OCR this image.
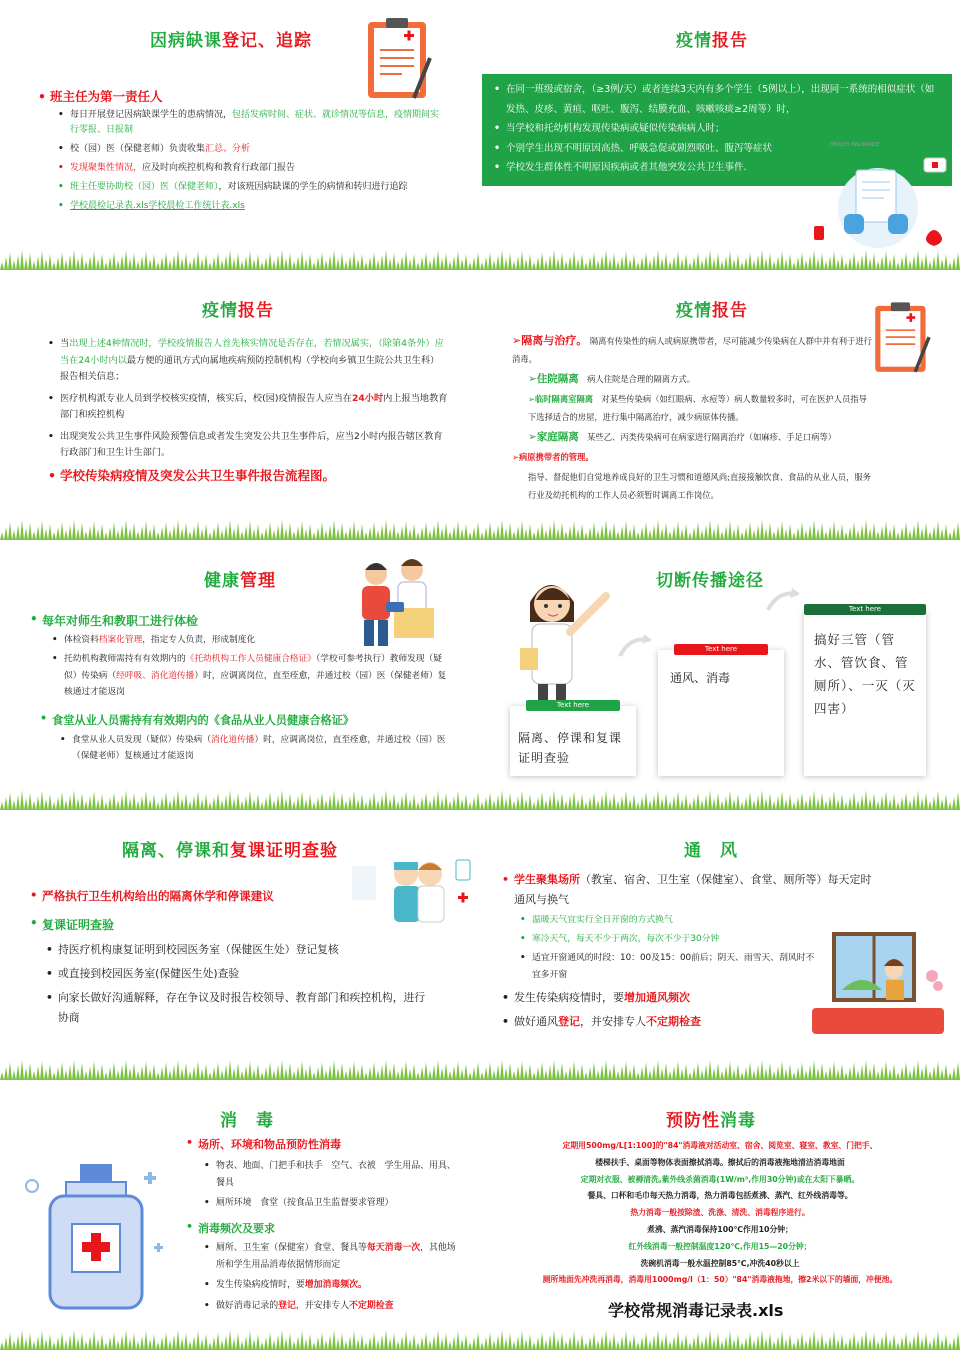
因病缺课登记、追踪
• 班主任为第一责任人
• 每日开展登记因病缺课学生的患病情况，包括发病时间、症状、就诊情况等信息，疫情期间实行零报、日报制
• 校（园）医（保健老师）负责收集汇总、分析
• 发现聚集性情况，应及时向疾控机构和教育行政部门报告
• 班主任要协助校（园）医（保健老师），对该班因病缺课的学生的病情和转归进行追踪
• 学校晨检记录表.xls学校晨检工作统计表.xls
疫情报告
• 在同一班级或宿舍，（≥3例/天）或者连续3天内有多个学生（5例以上），出现同一系统的相似症状（如发热、皮疹、黄疸、呕吐、腹泻、结膜充血、咳嗽咳痰≥2周等）时，
• 当学校和托幼机构发现传染病或疑似传染病病人时；
• 个别学生出现不明原因高热、呼吸急促或剧烈呕吐、腹泻等症状
• 学校发生群体性不明原因疾病或者其他突发公共卫生事件.
HEALTH INSURANCE
疫情报告
• 当出现上述4种情况时，学校疫情报告人首先核实情况是否存在，若情况属实，（除第4条外）应当在24小时内以最方便的通讯方式向属地疾病预防控制机构（学校向乡镇卫生院公共卫生科）报告相关信息；
• 医疗机构派专业人员到学校核实疫情，核实后，校(园)疫情报告人应当在24小时内上报当地教育部门和疾控机构
• 出现突发公共卫生事件风险预警信息或者发生突发公共卫生事件后，应当2小时内报告辖区教育行政部门和卫生计生部门。
• 学校传染病疫情及突发公共卫生事件报告流程图。
疫情报告
➢ 隔离与治疗。 隔离有传染性的病人或病原携带者，尽可能减少传染病在人群中并有利于进行消毒。
➢ 住院隔离　 病人住院是合理的隔离方式。
➢ 临时隔离室隔离　 对某些传染病（如红眼病、水痘等）病人数量较多时，可在医护人员指导下选择适合的房屋，进行集中隔离治疗，减少病原体传播。
➢ 家庭隔离　 某些乙、丙类传染病可在病家进行隔离治疗（如麻疹、手足口病等）
➢ 病原携带者的管理。
指导、督促他们自觉地养成良好的卫生习惯和道德风尚;直接接触饮食、食品的从业人员，服务行业及幼托机构的工作人员必须暂时调离工作岗位。
健康管理
• 每年对师生和教职工进行体检
• 体检资料档案化管理，指定专人负责，形成制度化
• 托幼机构教师需持有有效期内的《托幼机构工作人员健康合格证》（学校可参考执行）教师发现（疑似）传染病（经呼吸、消化道传播）时，应调离岗位，直至痊愈，并通过校（园）医（保健老师）复核通过才能返岗
• 食堂从业人员需持有有效期内的《食品从业人员健康合格证》
• 食堂从业人员发现（疑似）传染病（消化道传播）时，应调离岗位，直至痊愈，并通过校（园）医（保健老师）复核通过才能返岗
切断传播途径
Text here
隔离、停课和复课证明查验
Text here
通风、消毒
Text here
搞好三管（管水、管饮食、管厕所）、一灭（灭四害）
隔离、停课和复课证明查验
• 严格执行卫生机构给出的隔离休学和停课建议
• 复课证明查验
• 持医疗机构康复证明到校园医务室（保健医生处）登记复核
• 或直接到校园医务室(保健医生处)查验
• 向家长做好沟通解释，存在争议及时报告校领导、教育部门和疾控机构，进行协商
通　风
• 学生聚集场所（教室、宿舍、卫生室（保健室）、食堂、厕所等）每天定时通风与换气
• 温暖天气宜实行全日开窗的方式换气
• 寒冷天气，每天不少于两次，每次不少于30分钟
• 适宜开窗通风的时段：10：00及15：00前后；阴天、雨雪天、刮风时不宜多开窗
• 发生传染病疫情时，要增加通风频次
• 做好通风登记，并安排专人不定期检查
消　毒
• 场所、环境和物品预防性消毒
• 物表、地面、门把手和扶手　空气、衣被　学生用品、用具、餐具
• 厕所环境　食堂（按食品卫生监督要求管理）
• 消毒频次及要求
• 厕所、卫生室（保健室）食堂、餐具等每天消毒一次，其他场所和学生用品消毒依据情形而定
• 发生传染病疫情时，要增加消毒频次。
• 做好消毒记录的登记，并安排专人不定期检查
预防性消毒
定期用500mg/L[1:100]的"84"消毒液对活动室、宿舍、阅览室、寝室、教室、门把手、
楼梯扶手、桌面等物体表面擦拭消毒。擦拭后的消毒液拖地清洁消毒地面
定期对衣服、被褥清洗,紫外线杀菌消毒(1W/m³,作用30分钟)或在太阳下暴晒。
餐具、口杯和毛巾每天热力消毒，热力消毒包括煮沸、蒸汽、红外线消毒等。
热力消毒一般按除渣、洗涤、清洗、消毒程序进行。
煮沸、蒸汽消毒保持100℃作用10分钟；
红外线消毒一般控制温度120℃,作用15—20分钟；
洗碗机消毒一般水温控制85℃,冲洗40秒以上
厕所地面先冲洗再消毒，消毒用1000mg/l（1：50）"84"消毒液拖地，擦2米以下的墙面，冲便池。
学校常规消毒记录表.xls
